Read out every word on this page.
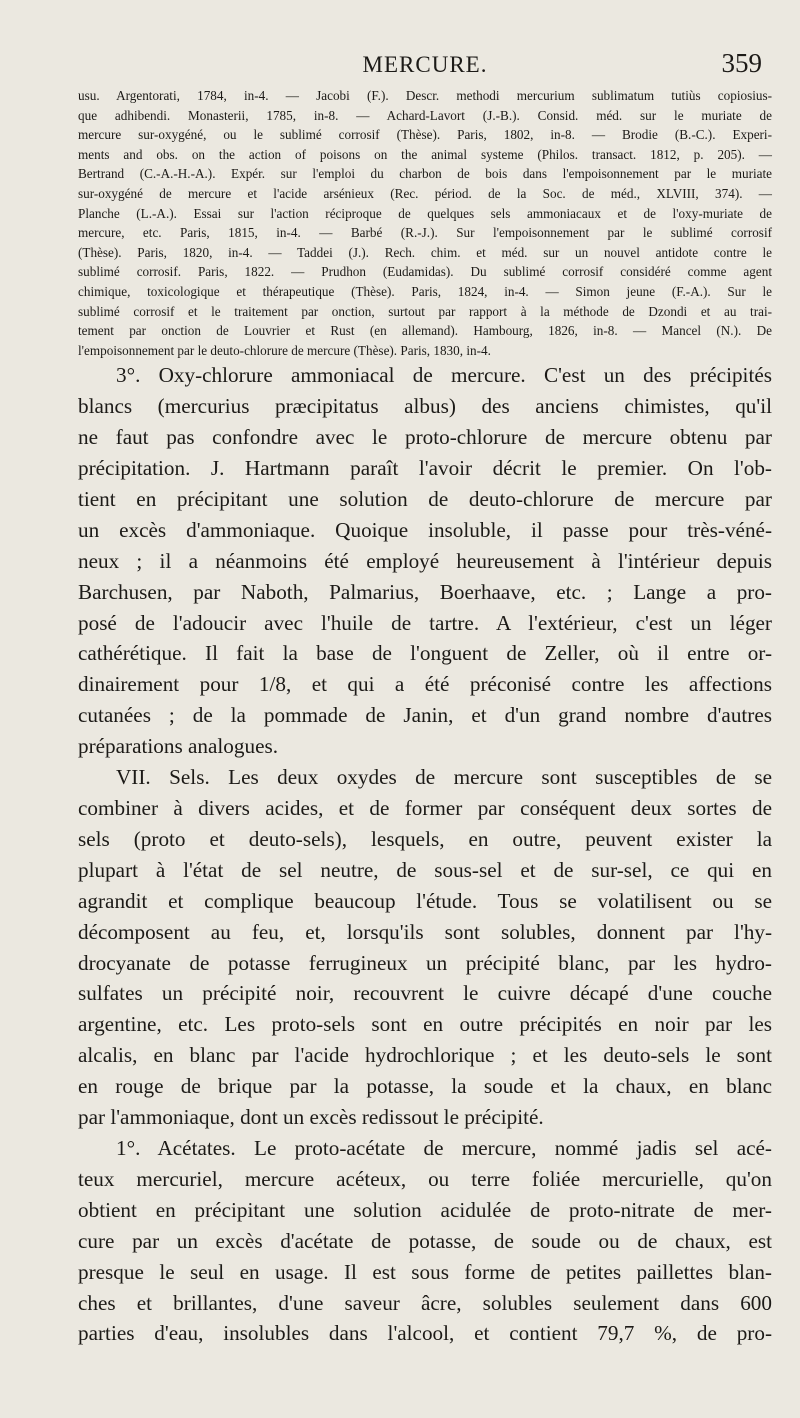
MERCURE.	359

usu. Argentorati, 1784, in-4. — Jacobi (F.). Descr. methodi mercurium sublimatum tutiùs copiosius-

que adhibendi. Monasterii, 1785, in-8. — Achard-Lavort (J.-B.). Consid. méd. sur le muriate de

mercure sur-oxygéné, ou le sublimé corrosif (Thèse). Paris, 1802, in-8. — Brodie (B.-C.). Experi-

ments and obs. on the action of poisons on the animal systeme (Philos. transact. 1812, p. 205). —

Bertrand (C.-A.-H.-A.). Expér. sur l'emploi du charbon de bois dans l'empoisonnement par le muriate

sur-oxygéné de mercure et l'acide arsénieux (Rec. périod. de la Soc. de méd., XLVIII, 374). —

Planche (L.-A.). Essai sur l'action réciproque de quelques sels ammoniacaux et de l'oxy-muriate de

mercure, etc. Paris, 1815, in-4. — Barbé (R.-J.). Sur l'empoisonnement par le sublimé corrosif

(Thèse). Paris, 1820, in-4. — Taddei (J.). Rech. chim. et méd. sur un nouvel antidote contre le

sublimé corrosif. Paris, 1822. — Prudhon (Eudamidas). Du sublimé corrosif considéré comme agent

chimique, toxicologique et thérapeutique (Thèse). Paris, 1824, in-4. — Simon jeune (F.-A.). Sur le

sublimé corrosif et le traitement par onction, surtout par rapport à la méthode de Dzondi et au trai-

tement par onction de Louvrier et Rust (en allemand). Hambourg, 1826, in-8. — Mancel (N.). De

l'empoisonnement par le deuto-chlorure de mercure (Thèse). Paris, 1830, in-4.

3°. Oxy-chlorure ammoniacal de mercure. C'est un des précipités

blancs (mercurius præcipitatus albus) des anciens chimistes, qu'il

ne faut pas confondre avec le proto-chlorure de mercure obtenu par

précipitation. J. Hartmann paraît l'avoir décrit le premier. On l'ob-

tient en précipitant une solution de deuto-chlorure de mercure par

un excès d'ammoniaque. Quoique insoluble, il passe pour très-véné-

neux ; il a néanmoins été employé heureusement à l'intérieur depuis

Barchusen, par Naboth, Palmarius, Boerhaave, etc. ; Lange a pro-

posé de l'adoucir avec l'huile de tartre. A l'extérieur, c'est un léger

cathérétique. Il fait la base de l'onguent de Zeller, où il entre or-

dinairement pour 1/8, et qui a été préconisé contre les affections

cutanées ; de la pommade de Janin, et d'un grand nombre d'autres

préparations analogues.

VII. Sels. Les deux oxydes de mercure sont susceptibles de se

combiner à divers acides, et de former par conséquent deux sortes de

sels (proto et deuto-sels), lesquels, en outre, peuvent exister la

plupart à l'état de sel neutre, de sous-sel et de sur-sel, ce qui en

agrandit et complique beaucoup l'étude. Tous se volatilisent ou se

décomposent au feu, et, lorsqu'ils sont solubles, donnent par l'hy-

drocyanate de potasse ferrugineux un précipité blanc, par les hydro-

sulfates un précipité noir, recouvrent le cuivre décapé d'une couche

argentine, etc. Les proto-sels sont en outre précipités en noir par les

alcalis, en blanc par l'acide hydrochlorique ; et les deuto-sels le sont

en rouge de brique par la potasse, la soude et la chaux, en blanc

par l'ammoniaque, dont un excès redissout le précipité.

1°. Acétates. Le proto-acétate de mercure, nommé jadis sel acé-

teux mercuriel, mercure acéteux, ou terre foliée mercurielle, qu'on

obtient en précipitant une solution acidulée de proto-nitrate de mer-

cure par un excès d'acétate de potasse, de soude ou de chaux, est

presque le seul en usage. Il est sous forme de petites paillettes blan-

ches et brillantes, d'une saveur âcre, solubles seulement dans 600

parties d'eau, insolubles dans l'alcool, et contient 79,7 %, de pro-
